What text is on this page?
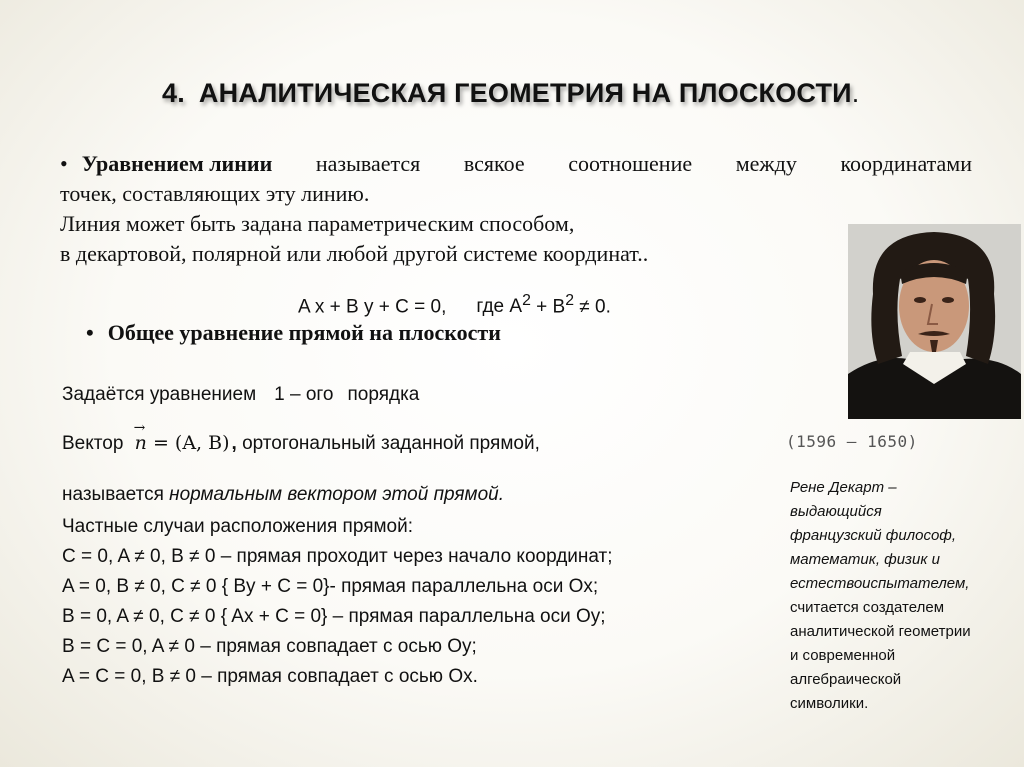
4. АНАЛИТИЧЕСКАЯ ГЕОМЕТРИЯ НА ПЛОСКОСТИ.
• Уравнением линии называется всякое соотношение между координатами
точек, составляющих эту линию.
Линия может быть задана параметрическим способом,
в декартовой, полярной или любой другой системе координат..
A x + B y + C = 0, где $A^2 + B^2 \ne 0$.
• Общее уравнение прямой на плоскости
Задаётся уравнением 1 – ого порядка
Вектор
→
n = (A, B) , ортогональный заданной прямой,
называется нормальным вектором этой прямой.
Частные случаи расположения прямой:
C = 0, A ≠ 0, B ≠ 0 – прямая проходит через начало координат;
A = 0, B ≠ 0, C ≠ 0 { By + C = 0}- прямая параллельна оси Ox;
B = 0, A ≠ 0, C ≠ 0 { Ax + C = 0} – прямая параллельна оси Oy;
B = C = 0, A ≠ 0 – прямая совпадает с осью Oy;
A = C = 0, B ≠ 0 – прямая совпадает с осью Ox.
(1596 – 1650)
Рене Декарт –
выдающийся
французский философ,
математик, физик и
естествоиспытателем,
считается создателем
аналитической геометрии
и современной
алгебраической
символики.
